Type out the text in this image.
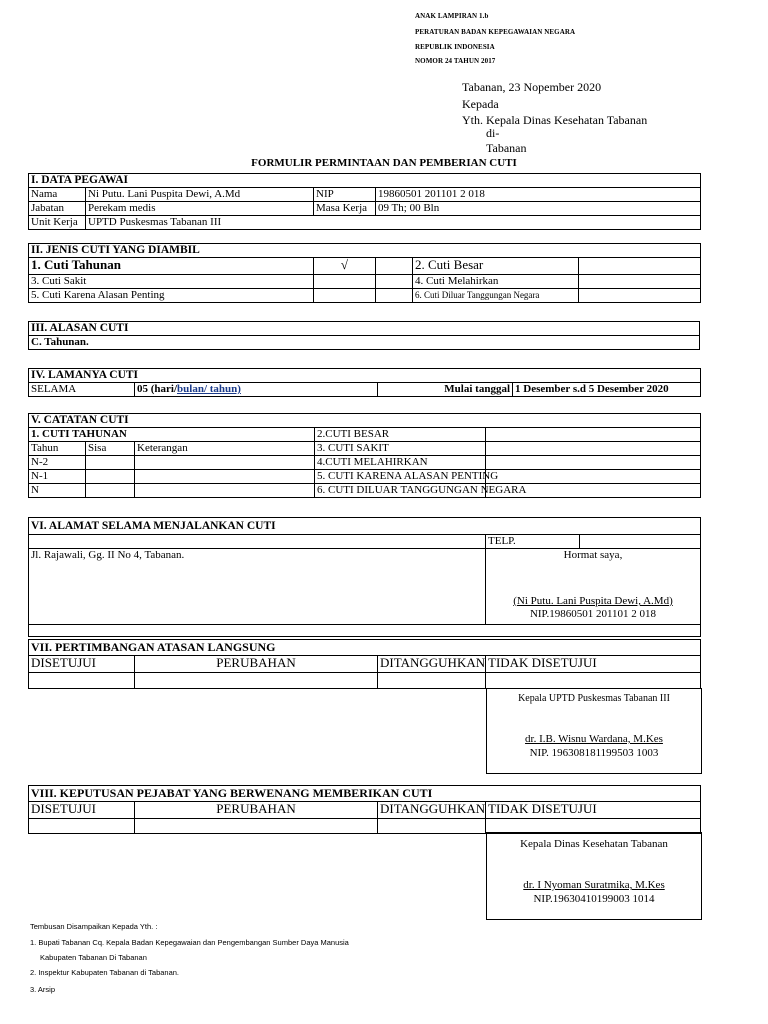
ANAK LAMPIRAN 1.b
PERATURAN BADAN KEPEGAWAIAN NEGARA
REPUBLIK INDONESIA
NOMOR 24 TAHUN 2017
Tabanan, 23 Nopember 2020
Kepada
Yth. Kepala Dinas Kesehatan Tabanan
di-
Tabanan
FORMULIR PERMINTAAN DAN PEMBERIAN CUTI
I. DATA PEGAWAI			
Nama	Ni Putu. Lani Puspita Dewi, A.Md	NIP	19860501 201101 2 018
Jabatan	Perekam medis	Masa Kerja	09 Th; 00 Bln
Unit Kerja	UPTD Puskesmas Tabanan III		
II. JENIS CUTI YANG DIAMBIL				
1. Cuti Tahunan	√		2. Cuti Besar	
3. Cuti Sakit			4. Cuti Melahirkan	
5. Cuti Karena Alasan Penting			6. Cuti Diluar Tanggungan Negara	
III. ALASAN CUTI
C. Tahunan.
IV. LAMANYA CUTI
SELAMA	05 (hari/bulan/ tahun)	Mulai tanggal	1 Desember s.d 5 Desember 2020
V. CATATAN CUTI				
1. CUTI TAHUNAN			2.CUTI BESAR	
Tahun	Sisa	Keterangan	3. CUTI SAKIT	
N-2			4.CUTI MELAHIRKAN	
N-1			5. CUTI KARENA ALASAN PENTING	
N			6. CUTI DILUAR TANGGUNGAN NEGARA	
VI. ALAMAT SELAMA MENJALANKAN CUTI		
	TELP.	
Jl. Rajawali, Gg. II No 4, Tabanan.	Hormat saya,
(Ni Putu. Lani Puspita Dewi, A.Md)
NIP.19860501 201101 2 018	

VII. PERTIMBANGAN ATASAN LANGSUNG			
DISETUJUI	PERUBAHAN	DITANGGUHKAN	TIDAK DISETUJUI

Kepala UPTD Puskesmas Tabanan III
dr. I.B. Wisnu Wardana, M.Kes
NIP. 196308181199503 1003
VIII. KEPUTUSAN PEJABAT YANG BERWENANG MEMBERIKAN CUTI			
DISETUJUI	PERUBAHAN	DITANGGUHKAN	TIDAK DISETUJUI

Kepala Dinas Kesehatan Tabanan
dr. I Nyoman Suratmika, M.Kes
NIP.19630410199003 1014
Tembusan Disampaikan Kepada Yth. :
1. Bupati Tabanan Cq. Kepala Badan Kepegawaian dan Pengembangan Sumber Daya Manusia
Kabupaten Tabanan Di Tabanan
2. Inspektur Kabupaten Tabanan di Tabanan.
3. Arsip
